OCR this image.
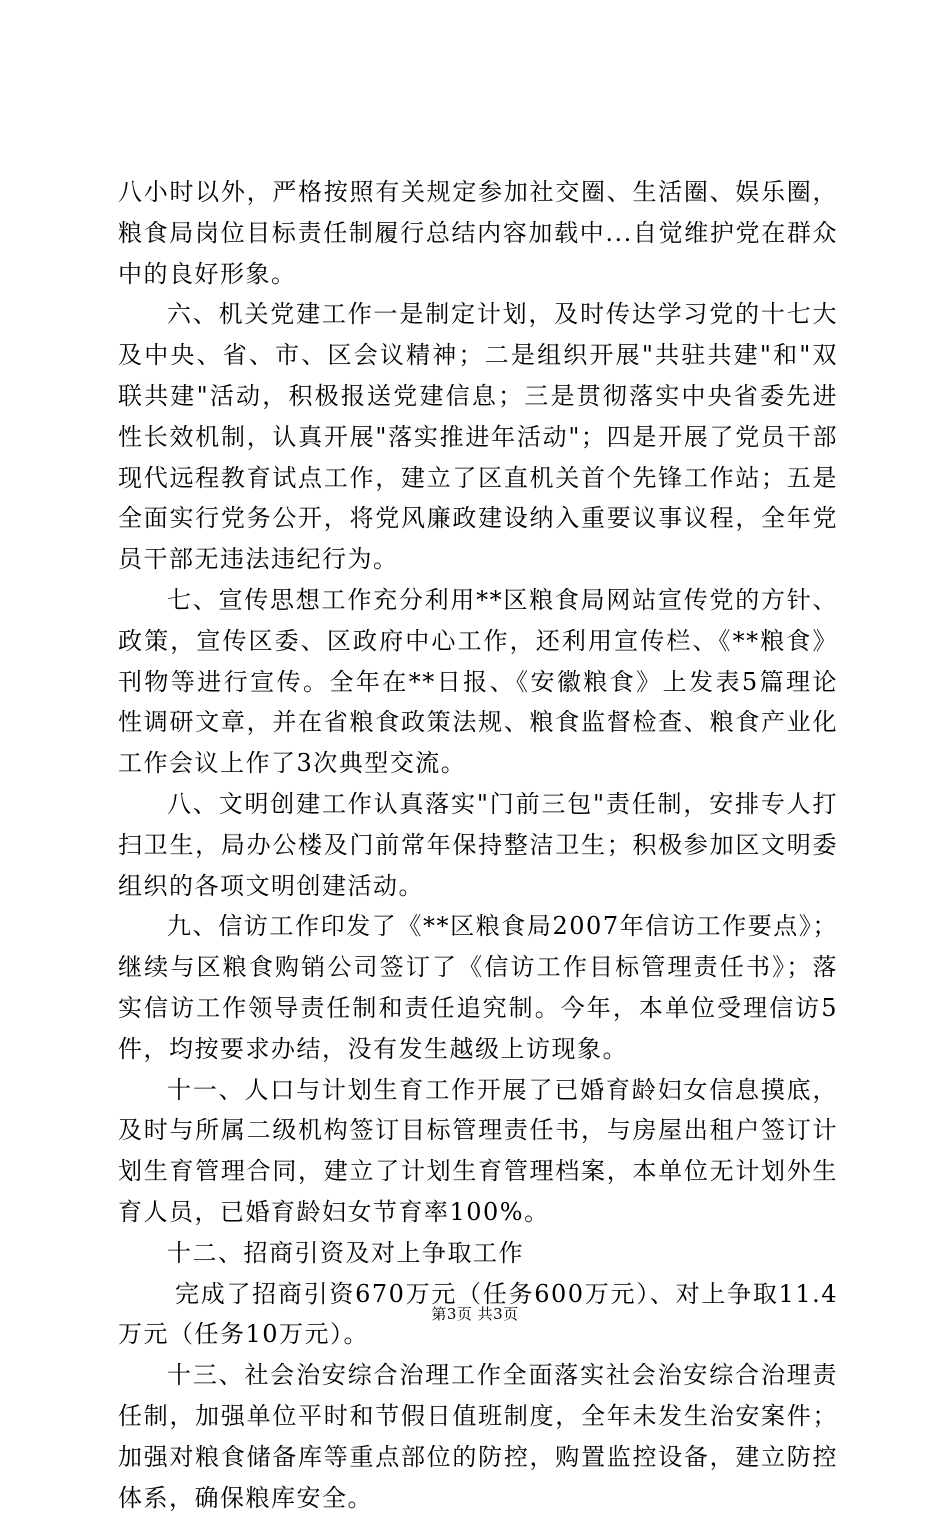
八小时以外，严格按照有关规定参加社交圈、生活圈、娱乐圈，粮食局岗位目标责任制履行总结内容加载中...自觉维护党在群众中的良好形象。

六、机关党建工作一是制定计划，及时传达学习党的十七大及中央、省、市、区会议精神；二是组织开展"共驻共建"和"双联共建"活动，积极报送党建信息；三是贯彻落实中央省委先进性长效机制，认真开展"落实推进年活动"；四是开展了党员干部现代远程教育试点工作，建立了区直机关首个先锋工作站；五是全面实行党务公开，将党风廉政建设纳入重要议事议程，全年党员干部无违法违纪行为。

七、宣传思想工作充分利用**区粮食局网站宣传党的方针、政策，宣传区委、区政府中心工作，还利用宣传栏、《**粮食》刊物等进行宣传。全年在**日报、《安徽粮食》上发表5篇理论性调研文章，并在省粮食政策法规、粮食监督检查、粮食产业化工作会议上作了3次典型交流。

八、文明创建工作认真落实"门前三包"责任制，安排专人打扫卫生，局办公楼及门前常年保持整洁卫生；积极参加区文明委组织的各项文明创建活动。

九、信访工作印发了《**区粮食局2007年信访工作要点》；继续与区粮食购销公司签订了《信访工作目标管理责任书》；落实信访工作领导责任制和责任追究制。今年，本单位受理信访5件，均按要求办结，没有发生越级上访现象。

十一、人口与计划生育工作开展了已婚育龄妇女信息摸底，及时与所属二级机构签订目标管理责任书，与房屋出租户签订计划生育管理合同，建立了计划生育管理档案，本单位无计划外生育人员，已婚育龄妇女节育率100%。

十二、招商引资及对上争取工作

完成了招商引资670万元（任务600万元）、对上争取11.4万元（任务10万元）。

十三、社会治安综合治理工作全面落实社会治安综合治理责任制，加强单位平时和节假日值班制度，全年未发生治安案件；加强对粮食储备库等重点部位的防控，购置监控设备，建立防控体系，确保粮库安全。

第3页 共3页
